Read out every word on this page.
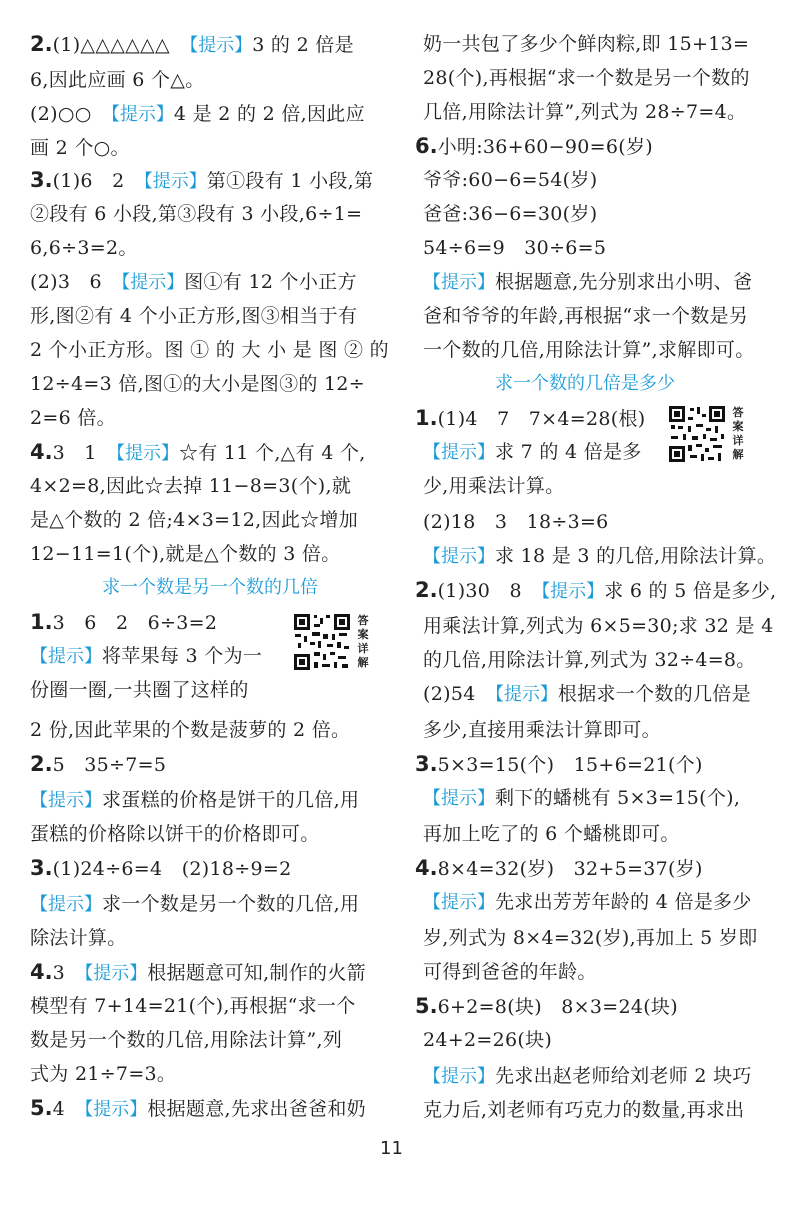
2.(1)△△△△△△　 【提示】3 的 2 倍是
6,因此应画 6 个△。
(2)○○　 【提示】4 是 2 的 2 倍,因此应
画 2 个○。
3.(1)6　2　 【提示】第①段有 1 小段,第
②段有 6 小段,第③段有 3 小段,6÷1=
6,6÷3=2。
(2)3　6　 【提示】图①有 12 个小正方
形,图②有 4 个小正方形,图③相当于有
2 个小正方形。图 ① 的 大 小 是 图 ② 的
12÷4=3 倍,图①的大小是图③的 12÷
2=6 倍。
4.3　1　 【提示】☆有 11 个,△有 4 个,
4×2=8,因此☆去掉 11−8=3(个),就
是△个数的 2 倍;4×3=12,因此☆增加
12−11=1(个),就是△个数的 3 倍。
求一个数是另一个数的几倍
1.3　6　2　6÷3=2
【提示】将苹果每 3 个为一
份圈一圈,一共圈了这样的
2 份,因此苹果的个数是菠萝的 2 倍。
2.5　35÷7=5
【提示】求蛋糕的价格是饼干的几倍,用
蛋糕的价格除以饼干的价格即可。
3.(1)24÷6=4　(2)18÷9=2
【提示】求一个数是另一个数的几倍,用
除法计算。
4.3　 【提示】根据题意可知,制作的火箭
模型有 7+14=21(个),再根据“求一个
数是另一个数的几倍,用除法计算”,列
式为 21÷7=3。
5.4　 【提示】根据题意,先求出爸爸和奶
答
案
详
解
奶一共包了多少个鲜肉粽,即 15+13=
28(个),再根据“求一个数是另一个数的
几倍,用除法计算”,列式为 28÷7=4。
6.小明:36+60−90=6(岁)
爷爷:60−6=54(岁)
爸爸:36−6=30(岁)
54÷6=9　30÷6=5
【提示】根据题意,先分别求出小明、爸
爸和爷爷的年龄,再根据“求一个数是另
一个数的几倍,用除法计算”,求解即可。
求一个数的几倍是多少
1.(1)4　7　7×4=28(根)
【提示】求 7 的 4 倍是多
少,用乘法计算。
(2)18　3　18÷3=6
【提示】求 18 是 3 的几倍,用除法计算。
2.(1)30　8　 【提示】求 6 的 5 倍是多少,
用乘法计算,列式为 6×5=30;求 32 是 4
的几倍,用除法计算,列式为 32÷4=8。
(2)54　 【提示】根据求一个数的几倍是
多少,直接用乘法计算即可。
3.5×3=15(个)　15+6=21(个)
【提示】剩下的蟠桃有 5×3=15(个),
再加上吃了的 6 个蟠桃即可。
4.8×4=32(岁)　32+5=37(岁)
【提示】先求出芳芳年龄的 4 倍是多少
岁,列式为 8×4=32(岁),再加上 5 岁即
可得到爸爸的年龄。
5.6+2=8(块)　8×3=24(块)
24+2=26(块)
【提示】先求出赵老师给刘老师 2 块巧
克力后,刘老师有巧克力的数量,再求出
答
案
详
解
11
